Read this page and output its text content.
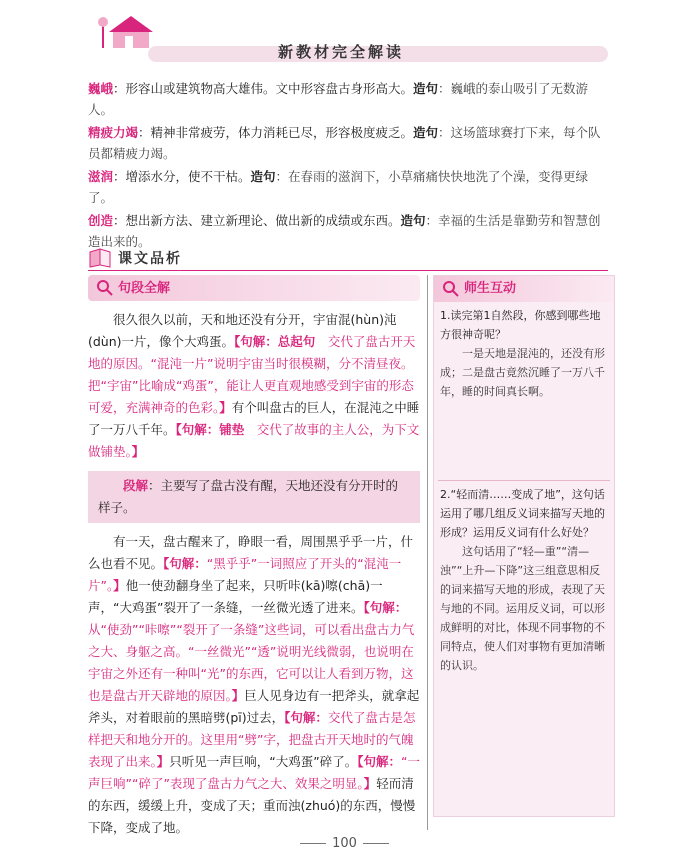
新教材完全解读

巍峨：形容山或建筑物高大雄伟。文中形容盘古身形高大。造句：巍峨的泰山吸引了无数游人。

精疲力竭：精神非常疲劳，体力消耗已尽，形容极度疲乏。造句：这场篮球赛打下来，每个队员都精疲力竭。

滋润：增添水分，使不干枯。造句：在春雨的滋润下，小草痛痛快快地洗了个澡，变得更绿了。

创造：想出新方法、建立新理论、做出新的成绩或东西。造句：幸福的生活是靠勤劳和智慧创造出来的。

课文品析
句段全解

很久很久以前，天和地还没有分开，宇宙混(hùn)沌(dùn)一片，像个大鸡蛋。【句解：总起句　交代了盘古开天地的原因。“混沌一片”说明宇宙当时很模糊，分不清昼夜。把“宇宙”比喻成“鸡蛋”，能让人更直观地感受到宇宙的形态可爱，充满神奇的色彩。】有个叫盘古的巨人，在混沌之中睡了一万八千年。【句解：铺垫　交代了故事的主人公，为下文做铺垫。】

段解：主要写了盘古没有醒，天地还没有分开时的样子。

有一天，盘古醒来了，睁眼一看，周围黑乎乎一片，什么也看不见。【句解：“黑乎乎”一词照应了开头的“混沌一片”。】他一使劲翻身坐了起来，只听咔(kā)嚓(chā)一声，“大鸡蛋”裂开了一条缝，一丝微光透了进来。【句解：从“使劲”“咔嚓”“裂开了一条缝”这些词，可以看出盘古力气之大、身躯之高。“一丝微光”“透”说明光线微弱，也说明在宇宙之外还有一种叫“光”的东西，它可以让人看到万物，这也是盘古开天辟地的原因。】巨人见身边有一把斧头，就拿起斧头，对着眼前的黑暗劈(pī)过去，【句解：交代了盘古是怎样把天和地分开的。这里用“劈”字，把盘古开天地时的气魄表现了出来。】只听见一声巨响，“大鸡蛋”碎了。【句解：“一声巨响”“碎了”表现了盘古力气之大、效果之明显。】轻而清的东西，缓缓上升，变成了天；重而浊(zhuó)的东西，慢慢下降，变成了地。

师生互动

1.读完第1自然段，你感到哪些地方很神奇呢？

一是天地是混沌的，还没有形成；二是盘古竟然沉睡了一万八千年，睡的时间真长啊。

2.“轻而清……变成了地”，这句话运用了哪几组反义词来描写天地的形成？运用反义词有什么好处？

这句话用了“轻—重”“清—浊”“上升—下降”这三组意思相反的词来描写天地的形成，表现了天与地的不同。运用反义词，可以形成鲜明的对比，体现不同事物的不同特点，使人们对事物有更加清晰的认识。

100
